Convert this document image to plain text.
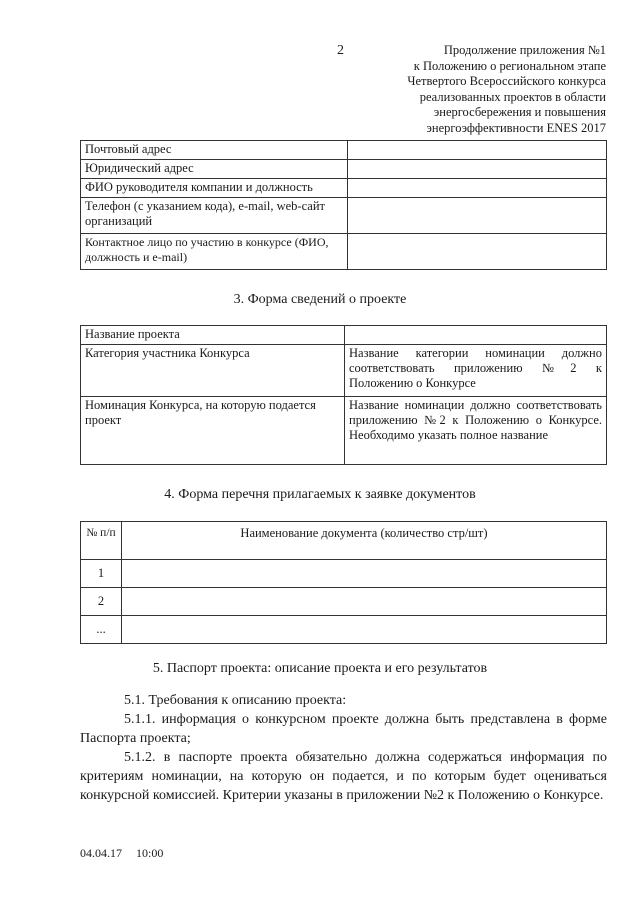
2	Продолжение приложения №1
к Положению о региональном этапе
Четвертого Всероссийского конкурса
реализованных проектов в области
энергосбережения и повышения
энергоэффективности ENES 2017
Почтовый адрес	
Юридический адрес	
ФИО руководителя компании и должность	
Телефон (с указанием кода), e-mail, web-сайт организаций	
Контактное лицо по участию в конкурсе (ФИО, должность и e-mail)	
3. Форма сведений о проекте
Название проекта	
Категория участника Конкурса	Название категории номинации должно соответствовать приложению №2 к Положению о Конкурсе
Номинация Конкурса, на которую подается проект	Название номинации должно соответствовать приложению №2 к Положению о Конкурсе. Необходимо указать полное название
4. Форма перечня прилагаемых к заявке документов
№ п/п	Наименование документа (количество стр/шт)
1	
2	
...	
5. Паспорт проекта: описание проекта и его результатов
5.1. Требования к описанию проекта:
5.1.1. информация о конкурсном проекте должна быть представлена в форме Паспорта проекта;
5.1.2. в паспорте проекта обязательно должна содержаться информация по критериям номинации, на которую он подается, и по которым будет оцениваться конкурсной комиссией. Критерии указаны в приложении №2 к Положению о Конкурсе.
04.04.17 10:00
